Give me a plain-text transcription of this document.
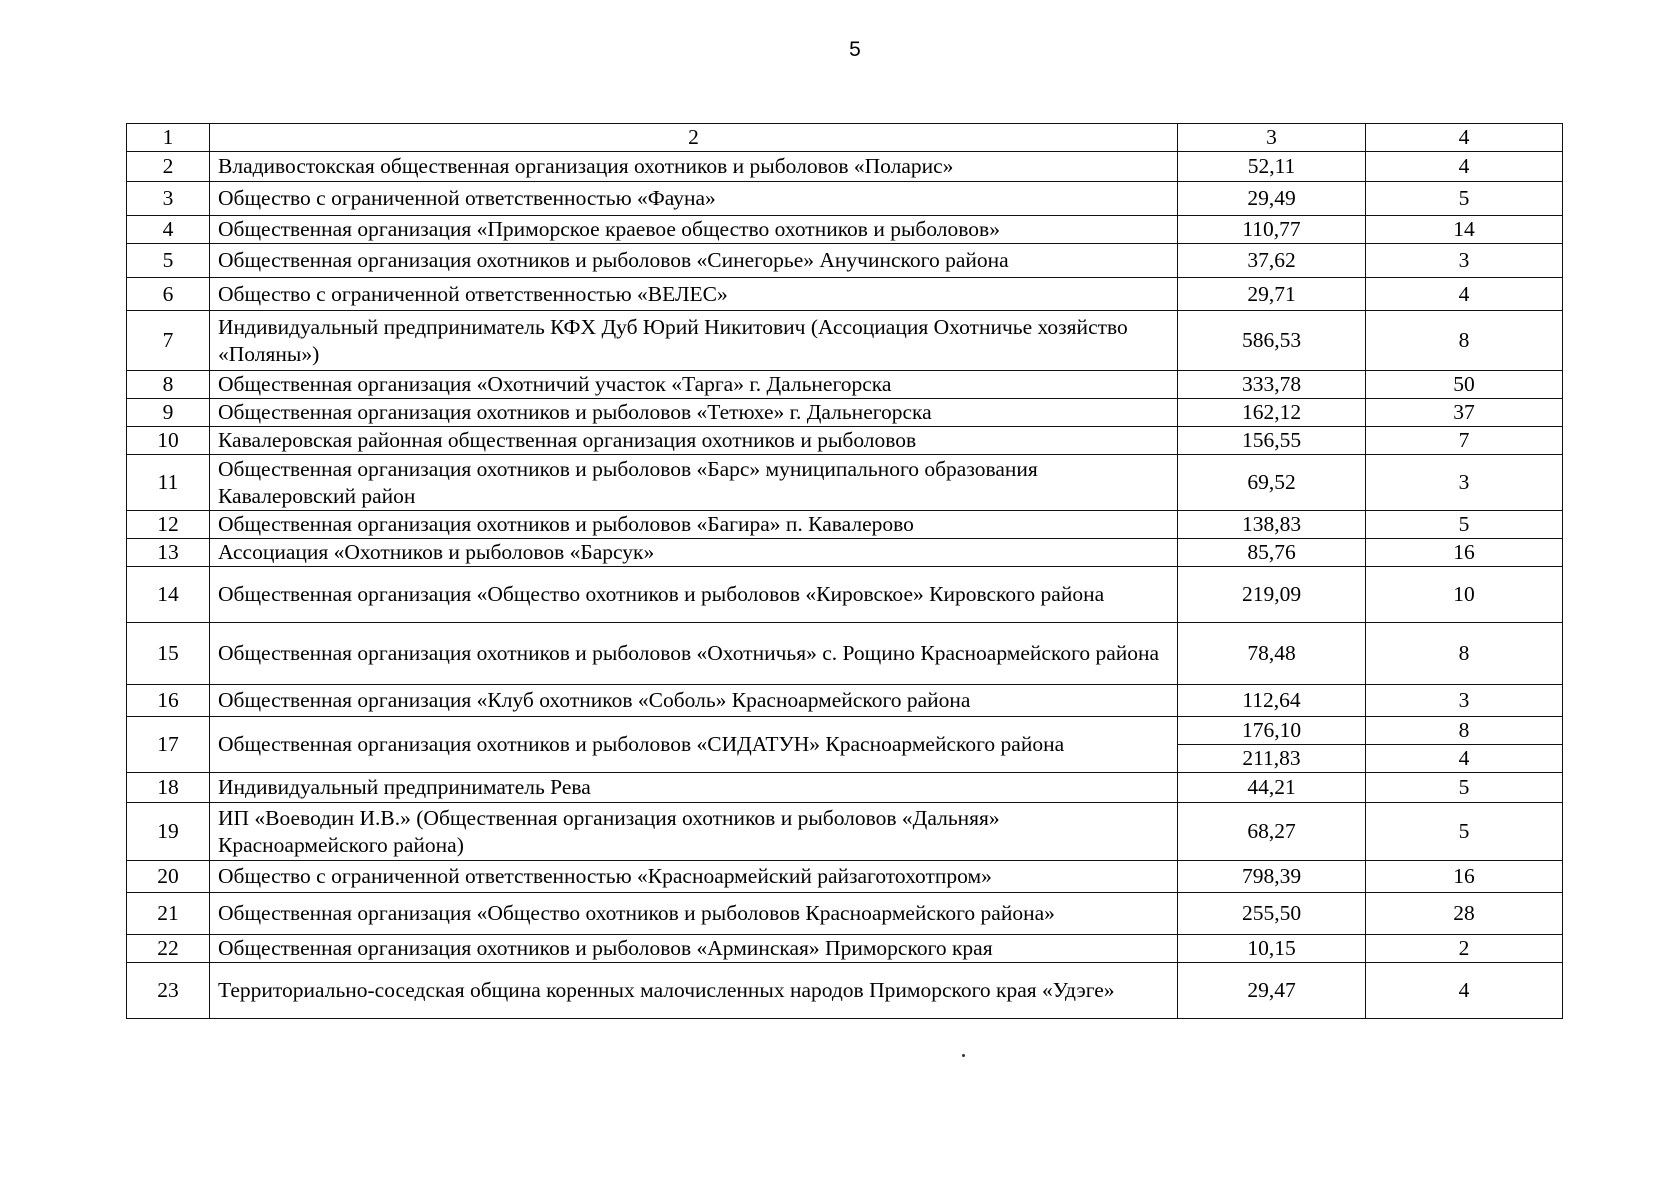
5
1	2	3	4
2	Владивостокская общественная организация охотников и рыболовов «Поларис»	52,11	4
3	Общество с ограниченной ответственностью «Фауна»	29,49	5
4	Общественная организация «Приморское краевое общество охотников и рыболовов»	110,77	14
5	Общественная организация охотников и рыболовов «Синегорье» Анучинского района	37,62	3
6	Общество с ограниченной ответственностью «ВЕЛЕС»	29,71	4
7	Индивидуальный предприниматель КФХ Дуб Юрий Никитович (Ассоциация Охотничье хозяйство «Поляны»)	586,53	8
8	Общественная организация «Охотничий участок «Тарга» г. Дальнегорска	333,78	50
9	Общественная организация охотников и рыболовов «Тетюхе» г. Дальнегорска	162,12	37
10	Кавалеровская районная общественная организация охотников и рыболовов	156,55	7
11	Общественная организация охотников и рыболовов «Барс» муниципального образования Кавалеровский район	69,52	3
12	Общественная организация охотников и рыболовов «Багира» п. Кавалерово	138,83	5
13	Ассоциация «Охотников и рыболовов «Барсук»	85,76	16
14	Общественная организация «Общество охотников и рыболовов «Кировское» Кировского района	219,09	10
15	Общественная организация охотников и рыболовов «Охотничья» с. Рощино Красноармейского района	78,48	8
16	Общественная организация «Клуб охотников «Соболь» Красноармейского района	112,64	3
17	Общественная организация охотников и рыболовов «СИДАТУН» Красноармейского района	176,10	8
		211,83	4
18	Индивидуальный предприниматель Рева	44,21	5
19	ИП «Воеводин И.В.» (Общественная организация охотников и рыболовов «Дальняя» Красноармейского района)	68,27	5
20	Общество с ограниченной ответственностью «Красноармейский райзаготохотпром»	798,39	16
21	Общественная организация «Общество охотников и рыболовов Красноармейского района»	255,50	28
22	Общественная организация охотников и рыболовов «Арминская» Приморского края	10,15	2
23	Территориально-соседская община коренных малочисленных народов Приморского края «Удэге»	29,47	4
